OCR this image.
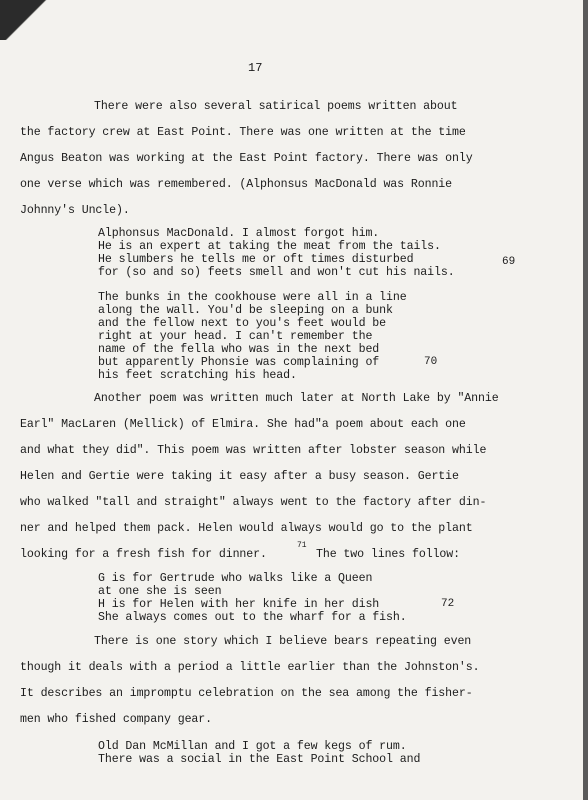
17

There were also several satirical poems written about

the factory crew at East Point. There was one written at the time

Angus Beaton was working at the East Point factory. There was only

one verse which was remembered. (Alphonsus MacDonald was Ronnie

Johnny's Uncle).

Alphonsus MacDonald. I almost forgot him.

He is an expert at taking the meat from the tails.

He slumbers he tells me or oft times disturbed

for (so and so) feets smell and won't cut his nails.

69

The bunks in the cookhouse were all in a line

along the wall. You'd be sleeping on a bunk

and the fellow next to you's feet would be

right at your head. I can't remember the

name of the fella who was in the next bed

but apparently Phonsie was complaining of

his feet scratching his head.

70

Another poem was written much later at North Lake by "Annie

Earl" MacLaren (Mellick) of Elmira. She had"a poem about each one

and what they did". This poem was written after lobster season while

Helen and Gertie were taking it easy after a busy season. Gertie

who walked "tall and straight" always went to the factory after din-

ner and helped them pack. Helen would always would go to the plant

looking for a fresh fish for dinner.

71

The two lines follow:

G is for Gertrude who walks like a Queen

at one she is seen

H is for Helen with her knife in her dish

She always comes out to the wharf for a fish.

72

There is one story which I believe bears repeating even

though it deals with a period a little earlier than the Johnston's.

It describes an impromptu celebration on the sea among the fisher-

men who fished company gear.

Old Dan McMillan and I got a few kegs of rum.

There was a social in the East Point School and
